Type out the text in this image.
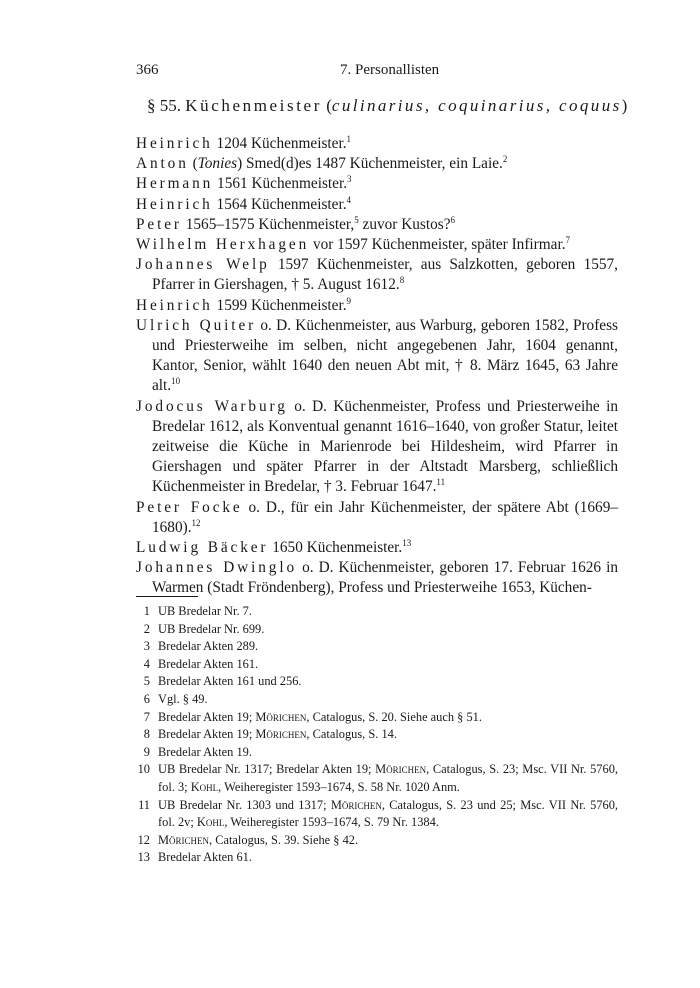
366	7. Personallisten
§ 55. Küchenmeister (culinarius, coquinarius, coquus)

Heinrich 1204 Küchenmeister.$^1$

Anton (Tonies) Smed(d)es 1487 Küchenmeister, ein Laie.$^2$

Hermann 1561 Küchenmeister.$^3$

Heinrich 1564 Küchenmeister.$^4$

Peter 1565–1575 Küchenmeister,$^5$ zuvor Kustos?$^6$

Wilhelm Herxhagen vor 1597 Küchenmeister, später Infirmar.$^7$

Johannes Welp 1597 Küchenmeister, aus Salzkotten, geboren 1557, Pfarrer in Giershagen, † 5. August 1612.$^8$

Heinrich 1599 Küchenmeister.$^9$

Ulrich Quiter o. D. Küchenmeister, aus Warburg, geboren 1582, Profess und Priesterweihe im selben, nicht angegebenen Jahr, 1604 genannt, Kantor, Senior, wählt 1640 den neuen Abt mit, † 8. März 1645, 63 Jahre alt.$^{10}$

Jodocus Warburg o. D. Küchenmeister, Profess und Priesterweihe in Bredelar 1612, als Konventual genannt 1616–1640, von großer Statur, leitet zeitweise die Küche in Marienrode bei Hildesheim, wird Pfarrer in Giershagen und später Pfarrer in der Altstadt Marsberg, schließlich Küchenmeister in Bredelar, † 3. Februar 1647.11

Peter Focke o. D., für ein Jahr Küchenmeister, der spätere Abt (1669–1680).$^{12}$

Ludwig Bäcker 1650 Küchenmeister.$^{13}$

Johannes Dwinglo o. D. Küchenmeister, geboren 17. Februar 1626 in Warmen (Stadt Fröndenberg), Profess und Priesterweihe 1653, Küchen-

1 UB Bredelar Nr. 7.
2 UB Bredelar Nr. 699.
3 Bredelar Akten 289.
4 Bredelar Akten 161.
5 Bredelar Akten 161 und 256.
6 Vgl. § 49.
7 Bredelar Akten 19; Mörichen, Catalogus, S. 20. Siehe auch § 51.
8 Bredelar Akten 19; Mörichen, Catalogus, S. 14.
9 Bredelar Akten 19.
10 UB Bredelar Nr. 1317; Bredelar Akten 19; Mörichen, Catalogus, S. 23; Msc. VII Nr. 5760, fol. 3; Kohl, Weiheregister 1593–1674, S. 58 Nr. 1020 Anm.
11 UB Bredelar Nr. 1303 und 1317; Mörichen, Catalogus, S. 23 und 25; Msc. VII Nr. 5760, fol. 2v; Kohl, Weiheregister 1593–1674, S. 79 Nr. 1384.
12 Mörichen, Catalogus, S. 39. Siehe § 42.
13 Bredelar Akten 61.
